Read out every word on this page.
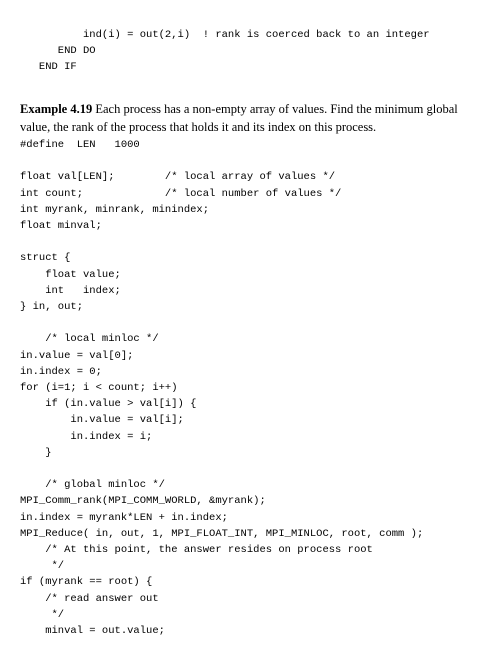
ind(i) = out(2,i)  ! rank is coerced back to an integer
END DO
END IF
Example 4.19 Each process has a non-empty array of values. Find the minimum global value, the rank of the process that holds it and its index on this process.
#define  LEN   1000

float val[LEN];        /* local array of values */
int count;             /* local number of values */
int myrank, minrank, minindex;
float minval;

struct {
float value;
int   index;
} in, out;

/* local minloc */
in.value = val[0];
in.index = 0;
for (i=1; i < count; i++)
if (in.value > val[i]) {
in.value = val[i];
in.index = i;
}

/* global minloc */
MPI_Comm_rank(MPI_COMM_WORLD, &myrank);
in.index = myrank*LEN + in.index;
MPI_Reduce( in, out, 1, MPI_FLOAT_INT, MPI_MINLOC, root, comm );
/* At this point, the answer resides on process root
*/
if (myrank == root) {
/* read answer out
*/
minval = out.value;
